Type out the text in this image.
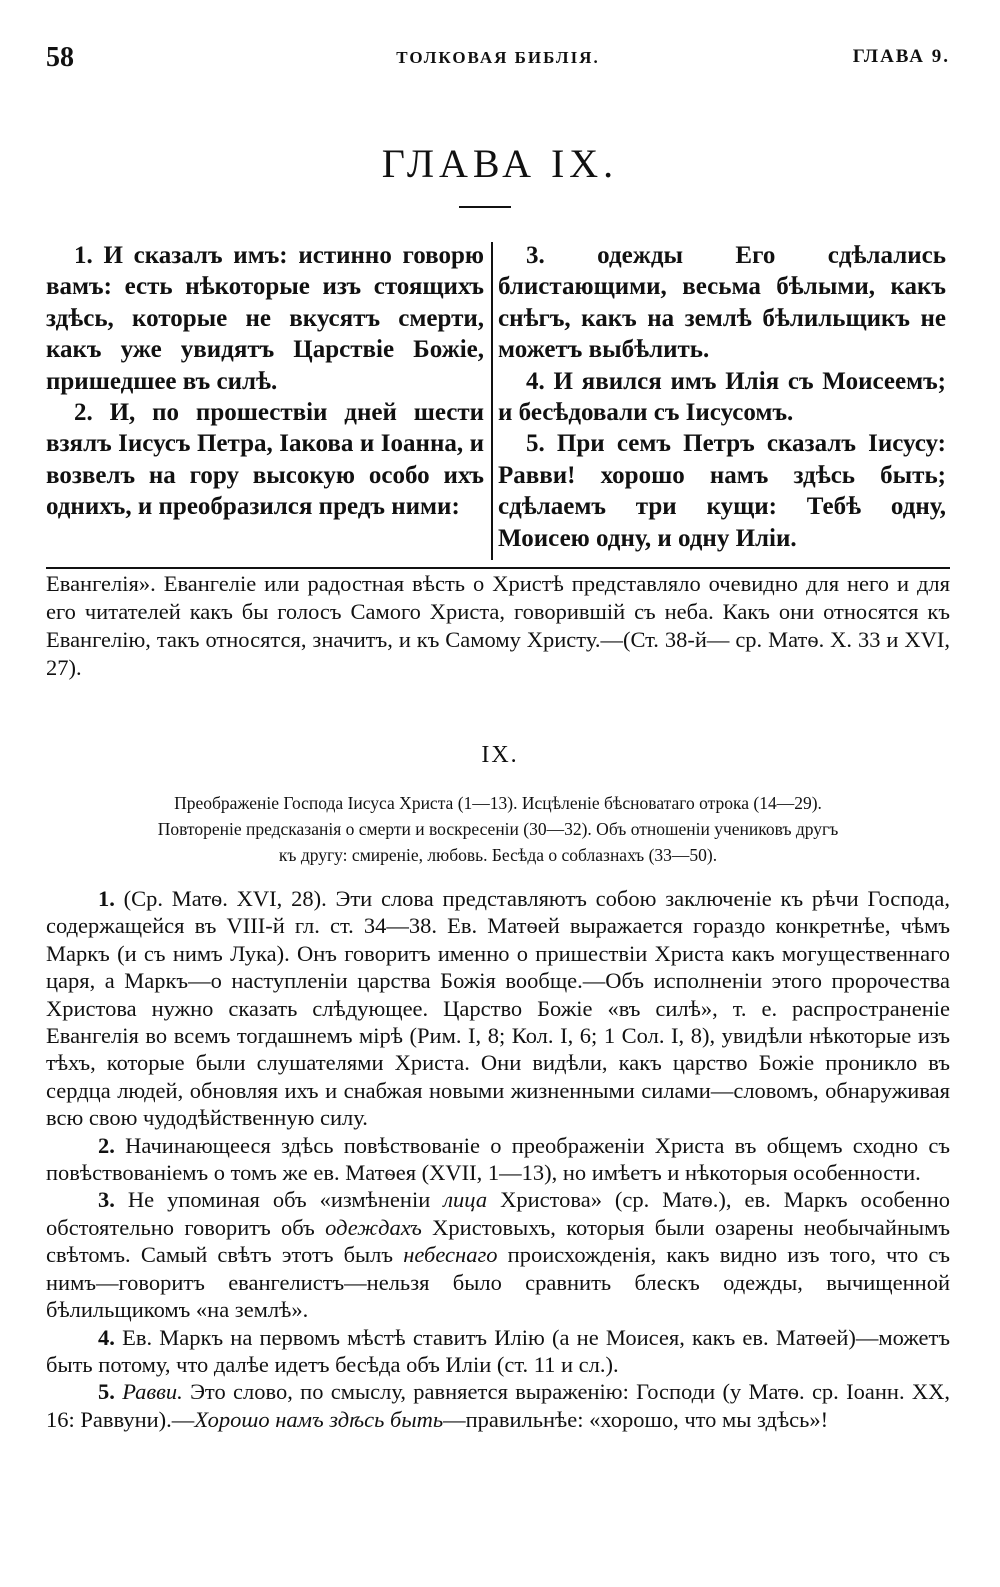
58	ТОЛКОВАЯ БИБЛIЯ.	ГЛАВА 9.
ГЛАВА IX.
1. И сказалъ имъ: истинно говорю вамъ: есть нѣкоторые изъ стоящихъ здѣсь, которые не вкусятъ смерти, какъ уже увидятъ Царствіе Божіе, пришедшее въ силѣ.
2. И, по прошествіи дней шести взялъ Іисусъ Петра, Іакова и Іоанна, и возвелъ на гору высокую особо ихъ однихъ, и преобразился предъ ними:
3. одежды Его сдѣлались блистающими, весьма бѣлыми, какъ снѣгъ, какъ на землѣ бѣлильщикъ не можетъ выбѣлить.
4. И явился имъ Илія съ Моисеемъ; и бесѣдовали съ Іисусомъ.
5. При семъ Петръ сказалъ Іисусу: Равви! хорошо намъ здѣсь быть; сдѣлаемъ три кущи: Тебѣ одну, Моисею одну, и одну Иліи.
Евангелія». Евангеліе или радостная вѣсть о Христѣ представляло очевидно для него и для его читателей какъ бы голосъ Самого Христа, говорившій съ неба. Какъ они относятся къ Евангелію, такъ относятся, значитъ, и къ Самому Христу.—(Ст. 38-й— ср. Матѳ. X. 33 и XVI, 27).
IX.
Преображеніе Господа Іисуса Христа (1—13). Исцѣленіе бѣсноватаго отрока (14—29).
Повтореніе предсказанія о смерти и воскресеніи (30—32). Объ отношеніи учениковъ другъ
къ другу: смиреніе, любовь. Бесѣда о соблазнахъ (33—50).

1. (Ср. Матѳ. XVI, 28). Эти слова представляютъ собою заключеніе къ рѣчи Господа, содержащейся въ VIII-й гл. ст. 34—38. Ев. Матѳей выражается гораздо конкретнѣе, чѣмъ Маркъ (и съ нимъ Лука). Онъ говоритъ именно о пришествіи Христа какъ могущественнаго царя, а Маркъ—о наступленіи царства Божія вообще.—Объ исполненіи этого пророчества Христова нужно сказать слѣдующее. Царство Божіе «въ силѣ», т. е. распространеніе Евангелія во всемъ тогдашнемъ мірѣ (Рим. I, 8; Кол. I, 6; 1 Сол. I, 8), увидѣли нѣкоторые изъ тѣхъ, которые были слушателями Христа. Они видѣли, какъ царство Божіе проникло въ сердца людей, обновляя ихъ и снабжая новыми жизненными силами—словомъ, обнаруживая всю свою чудодѣйственную силу.

2. Начинающееся здѣсь повѣствованіе о преображеніи Христа въ общемъ сходно съ повѣствованіемъ о томъ же ев. Матѳея (XVII, 1—13), но имѣетъ и нѣкоторыя особенности.

3. Не упоминая объ «измѣненіи лица Христова» (ср. Матѳ.), ев. Маркъ особенно обстоятельно говоритъ объ одеждахъ Христовыхъ, которыя были озарены необычайнымъ свѣтомъ. Самый свѣтъ этотъ былъ небеснаго происхожденія, какъ видно изъ того, что съ нимъ—говоритъ евангелистъ—нельзя было сравнить блескъ одежды, вычищенной бѣлильщикомъ «на землѣ».

4. Ев. Маркъ на первомъ мѣстѣ ставитъ Илію (а не Моисея, какъ ев. Матѳей)—можетъ быть потому, что далѣе идетъ бесѣда объ Иліи (ст. 11 и сл.).

5. Равви. Это слово, по смыслу, равняется выраженію: Господи (у Матѳ. ср. Іоанн. XX, 16: Раввуни).—Хорошо намъ здѣсь быть—правильнѣе: «хорошо, что мы здѣсь»!
